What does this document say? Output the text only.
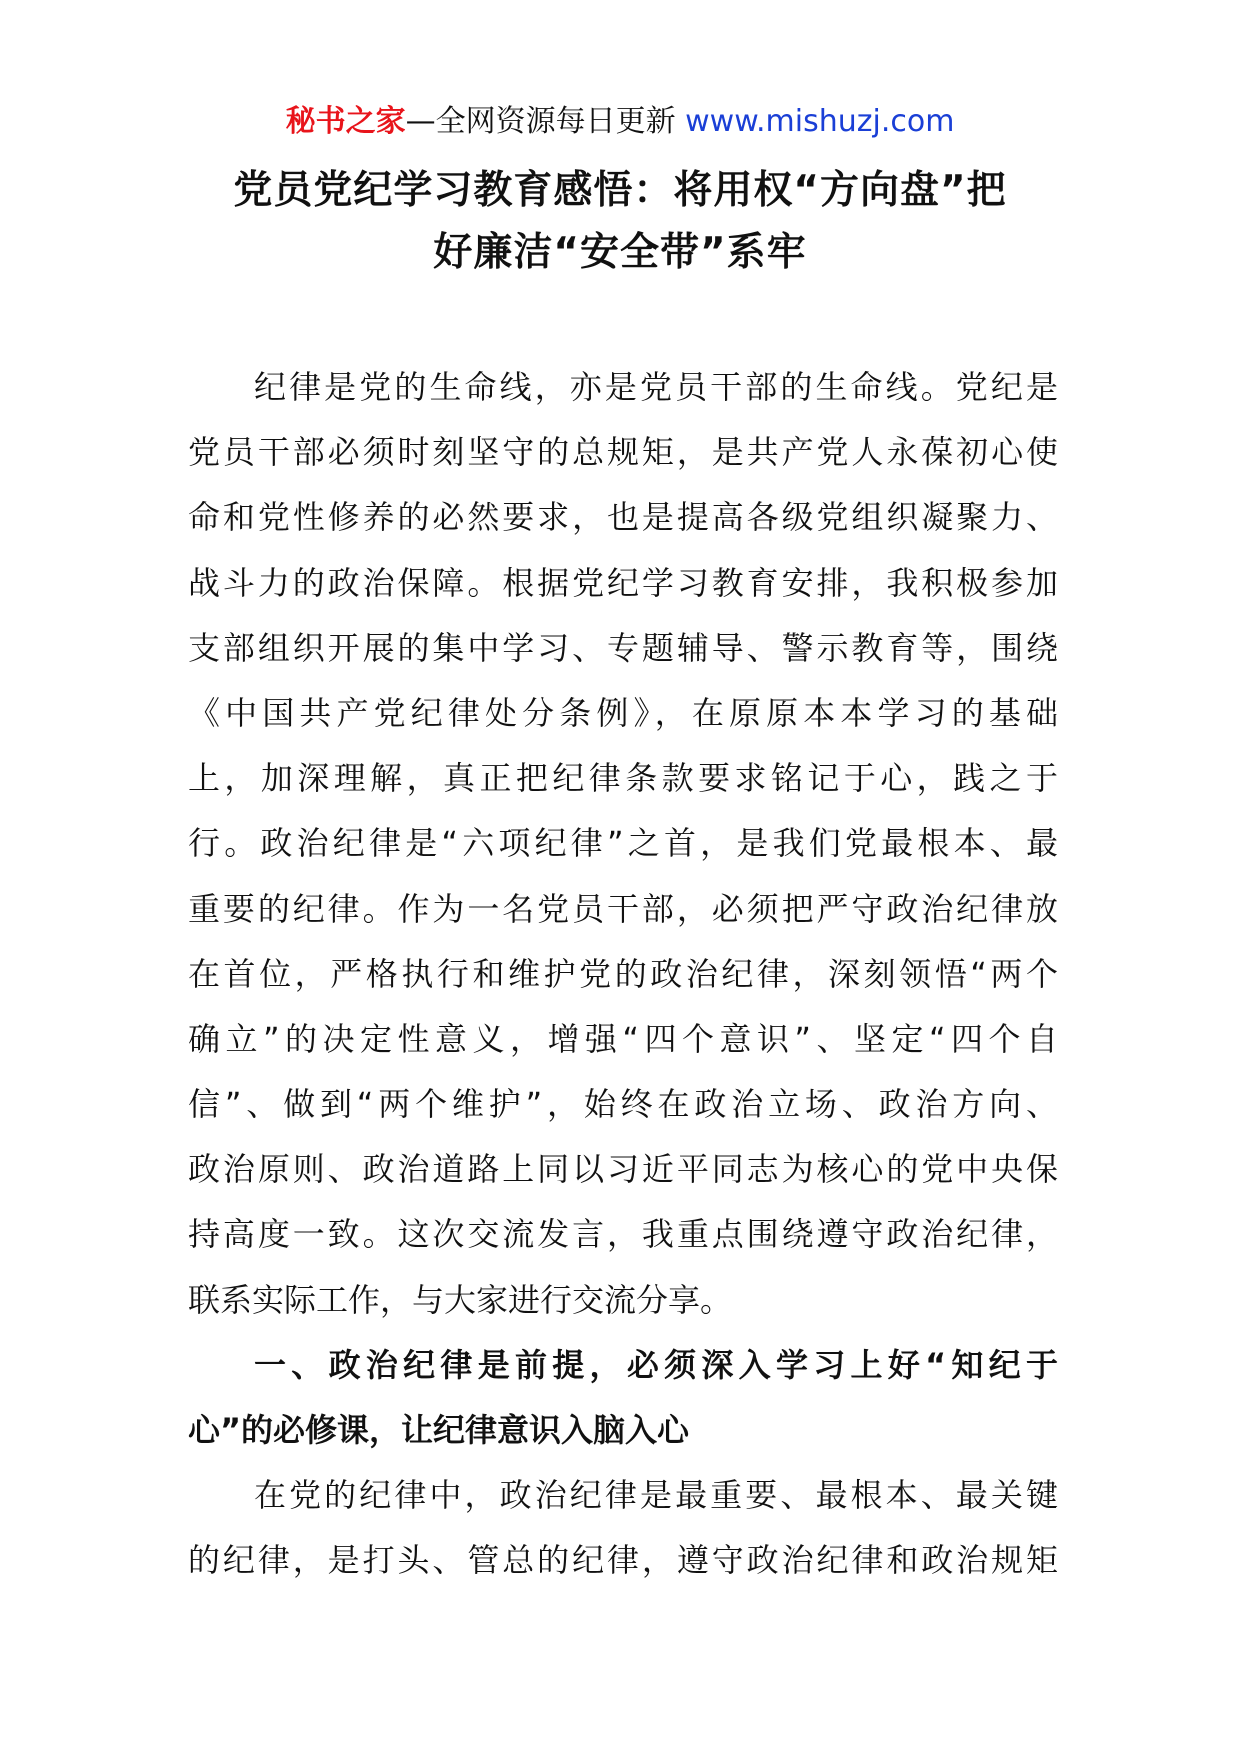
秘书之家—全网资源每日更新 www.mishuzj.com
党员党纪学习教育感悟：将用权“方向盘”把
好廉洁“安全带”系牢
纪律是党的生命线，亦是党员干部的生命线。党纪是
党员干部必须时刻坚守的总规矩，是共产党人永葆初心使
命和党性修养的必然要求，也是提高各级党组织凝聚力、
战斗力的政治保障。根据党纪学习教育安排，我积极参加
支部组织开展的集中学习、专题辅导、警示教育等，围绕
《中国共产党纪律处分条例》，在原原本本学习的基础
上，加深理解，真正把纪律条款要求铭记于心，践之于
行。政治纪律是“六项纪律”之首，是我们党最根本、最
重要的纪律。作为一名党员干部，必须把严守政治纪律放
在首位，严格执行和维护党的政治纪律，深刻领悟“两个
确立”的决定性意义，增强“四个意识”、坚定“四个自
信”、做到“两个维护”，始终在政治立场、政治方向、
政治原则、政治道路上同以习近平同志为核心的党中央保
持高度一致。这次交流发言，我重点围绕遵守政治纪律，
联系实际工作，与大家进行交流分享。
一、政治纪律是前提，必须深入学习上好“知纪于
心”的必修课，让纪律意识入脑入心
在党的纪律中，政治纪律是最重要、最根本、最关键
的纪律，是打头、管总的纪律，遵守政治纪律和政治规矩
